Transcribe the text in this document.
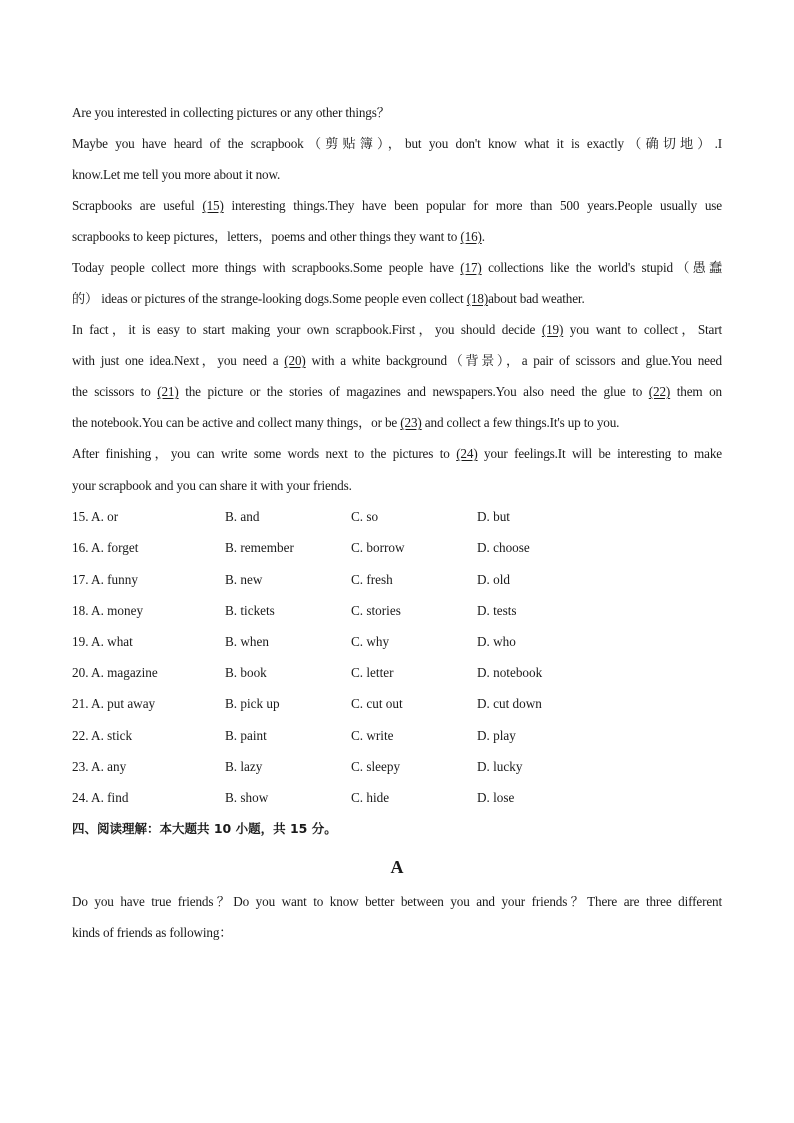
Are you interested in collecting pictures or any other things？
Maybe you have heard of the scrapbook（剪贴簿），but you don't know what it is exactly（确切地）.I
know.Let me tell you more about it now.
Scrapbooks are useful (15) interesting things.They have been popular for more than 500 years.People usually use
scrapbooks to keep pictures，letters，poems and other things they want to (16).
Today people collect more things with scrapbooks.Some people have (17) collections like the world's stupid（愚蠢
的） ideas or pictures of the strange-looking dogs.Some people even collect (18)about bad weather.
In fact，it is easy to start making your own scrapbook.First，you should decide (19) you want to collect，Start
with just one idea.Next，you need a (20) with a white background（背景），a pair of scissors and glue.You need
the scissors to (21) the picture or the stories of magazines and newspapers.You also need the glue to (22) them on
the notebook.You can be active and collect many things，or be (23) and collect a few things.It's up to you.
After finishing，you can write some words next to the pictures to (24) your feelings.It will be interesting to make
your scrapbook and you can share it with your friends.
15. A. or	B. and	C. so	D. but
16. A. forget	B. remember	C. borrow	D. choose
17. A. funny	B. new	C. fresh	D. old
18. A. money	B. tickets	C. stories	D. tests
19. A. what	B. when	C. why	D. who
20. A. magazine	B. book	C. letter	D. notebook
21. A. put away	B. pick up	C. cut out	D. cut down
22. A. stick	B. paint	C. write	D. play
23. A. any	B. lazy	C. sleepy	D. lucky
24. A. find	B. show	C. hide	D. lose
四、阅读理解：本大题共 10 小题，共 15 分。
A
Do you have true friends？Do you want to know better between you and your friends？There are three different
kinds of friends as following：
